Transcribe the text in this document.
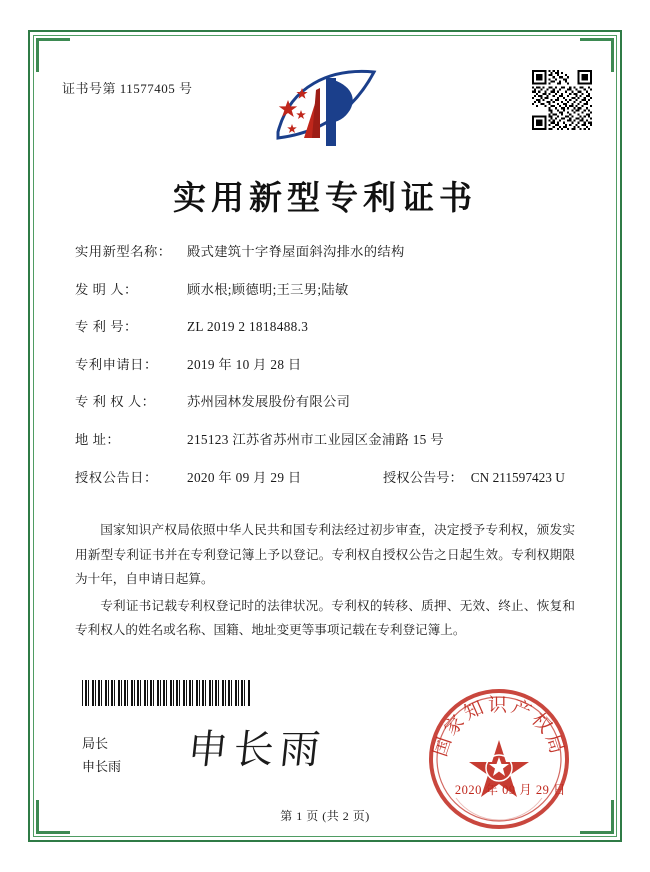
证书号第 11577405 号
实用新型专利证书
实用新型名称：	殿式建筑十字脊屋面斜沟排水的结构
发 明 人：	顾水根;顾德明;王三男;陆敏
专 利 号：	ZL 2019 2 1818488.3
专利申请日：	2019 年 10 月 28 日
专 利 权 人：	苏州园林发展股份有限公司
地 址：	215123 江苏省苏州市工业园区金浦路 15 号
授权公告日：	2020 年 09 月 29 日	授权公告号： CN 211597423 U

国家知识产权局依照中华人民共和国专利法经过初步审查，决定授予专利权，颁发实用新型专利证书并在专利登记簿上予以登记。专利权自授权公告之日起生效。专利权期限为十年，自申请日起算。

专利证书记载专利权登记时的法律状况。专利权的转移、质押、无效、终止、恢复和专利权人的姓名或名称、国籍、地址变更等事项记载在专利登记簿上。

局长
申长雨 申长雨	国家知识产权局
2020 年 09 月 29 日
第 1 页 (共 2 页)
